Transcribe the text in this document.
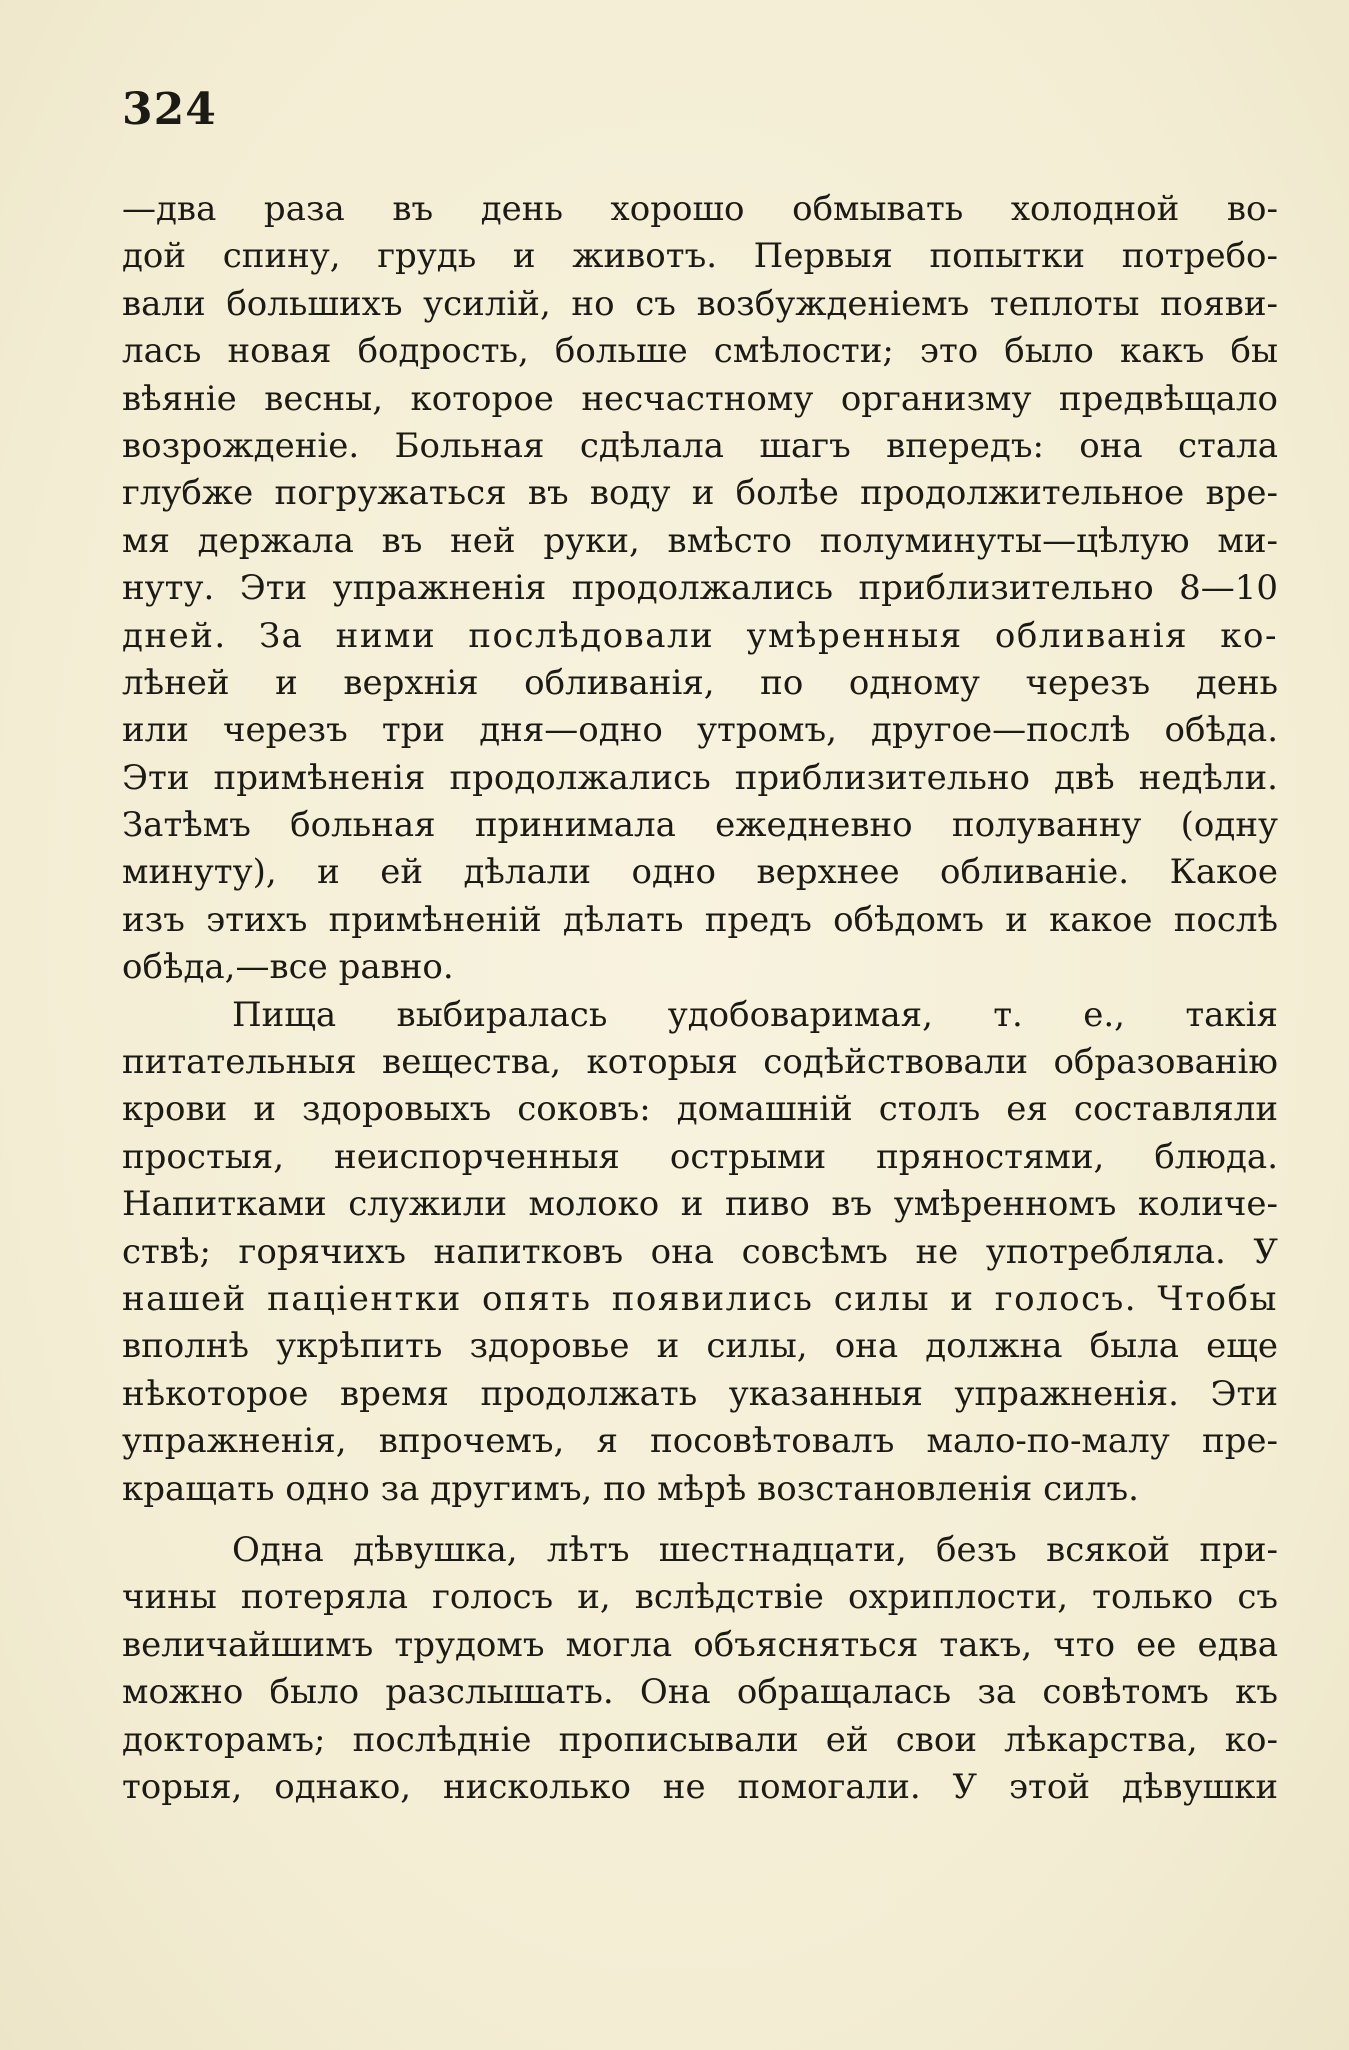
324
—два раза въ день хорошо обмывать холодной во-
дой спину, грудь и животъ. Первыя попытки потребо-
вали большихъ усилій, но съ возбужденіемъ теплоты появи-
лась новая бодрость, больше смѣлости; это было какъ бы
вѣяніе весны, которое несчастному организму предвѣщало
возрожденіе. Больная сдѣлала шагъ впередъ: она стала
глубже погружаться въ воду и болѣе продолжительное вре-
мя держала въ ней руки, вмѣсто полуминуты—цѣлую ми-
нуту. Эти упражненія продолжались приблизительно 8—10
дней. За ними послѣдовали умѣренныя обливанія ко-
лѣней и верхнія обливанія, по одному черезъ день
или черезъ три дня—одно утромъ, другое—послѣ обѣда.
Эти примѣненія продолжались приблизительно двѣ недѣли.
Затѣмъ больная принимала ежедневно полуванну (одну
минуту), и ей дѣлали одно верхнее обливаніе. Какое
изъ этихъ примѣненій дѣлать предъ обѣдомъ и какое послѣ
обѣда,—все равно.
Пища выбиралась удобоваримая, т. е., такія
питательныя вещества, которыя содѣйствовали образованію
крови и здоровыхъ соковъ: домашній столъ ея составляли
простыя, неиспорченныя острыми пряностями, блюда.
Напитками служили молоко и пиво въ умѣренномъ количе-
ствѣ; горячихъ напитковъ она совсѣмъ не употребляла. У
нашей паціентки опять появились силы и голосъ. Чтобы
вполнѣ укрѣпить здоровье и силы, она должна была еще
нѣкоторое время продолжать указанныя упражненія. Эти
упражненія, впрочемъ, я посовѣтовалъ мало-по-малу пре-
кращать одно за другимъ, по мѣрѣ возстановленія силъ.
Одна дѣвушка, лѣтъ шестнадцати, безъ всякой при-
чины потеряла голосъ и, вслѣдствіе охриплости, только съ
величайшимъ трудомъ могла объясняться такъ, что ее едва
можно было разслышать. Она обращалась за совѣтомъ къ
докторамъ; послѣдніе прописывали ей свои лѣкарства, ко-
торыя, однако, нисколько не помогали. У этой дѣвушки
